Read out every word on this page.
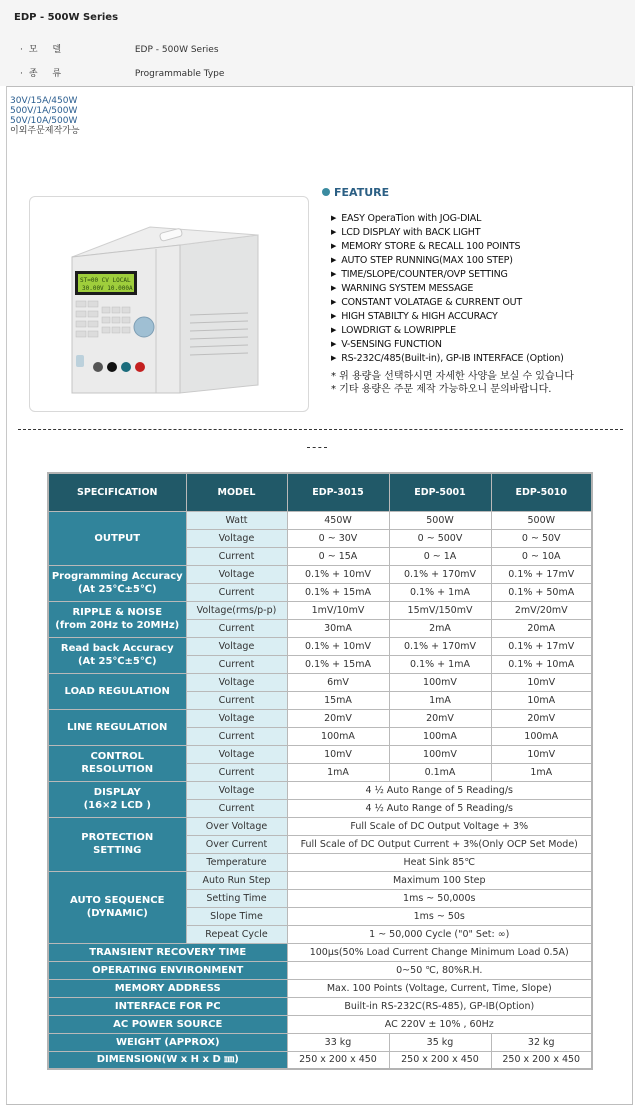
EDP - 500W Series
·모 델	EDP - 500W Series
·종 류	Programmable Type
30V/15A/450W
500V/1A/500W
50V/10A/500W
이외주문제작가능
ST=00 CV LOCAL
30.00V 10.000A
FEATURE
▶ EASY OperaTion with JOG-DIAL
▶ LCD DISPLAY with BACK LIGHT
▶ MEMORY STORE & RECALL 100 POINTS
▶ AUTO STEP RUNNING(MAX 100 STEP)
▶ TIME/SLOPE/COUNTER/OVP SETTING
▶ WARNING SYSTEM MESSAGE
▶ CONSTANT VOLATAGE & CURRENT OUT
▶ HIGH STABILTY & HIGH ACCURACY
▶ LOWDRIGT & LOWRIPPLE
▶ V-SENSING FUNCTION
▶ RS-232C/485(Built-in), GP-IB INTERFACE (Option)
* 위 용량을 선택하시면 자세한 사양을 보실 수 있습니다
* 기타 용량은 주문 제작 가능하오니 문의바랍니다.
SPECIFICATION	MODEL	EDP-3015	EDP-5001	EDP-5010
OUTPUT	Watt	450W	500W	500W
	Voltage	0 ~ 30V	0 ~ 500V	0 ~ 50V
	Current	0 ~ 15A	0 ~ 1A	0 ~ 10A

Programming Accuracy
(At 25℃±5℃)	Voltage	0.1% + 10mV	0.1% + 170mV	0.1% + 17mV
	Current	0.1% + 15mA	0.1% + 1mA	0.1% + 50mA

RIPPLE & NOISE
(from 20Hz to 20MHz)	Voltage(rms/p-p)	1mV/10mV	15mV/150mV	2mV/20mV
	Current	30mA	2mA	20mA

Read back Accuracy
(At 25℃±5℃)	Voltage	0.1% + 10mV	0.1% + 170mV	0.1% + 17mV
	Current	0.1% + 15mA	0.1% + 1mA	0.1% + 10mA
LOAD REGULATION	Voltage	6mV	100mV	10mV
	Current	15mA	1mA	10mA
LINE REGULATION	Voltage	20mV	20mV	20mV
	Current	100mA	100mA	100mA

CONTROL
RESOLUTION	Voltage	10mV	100mV	10mV
	Current	1mA	0.1mA	1mA

DISPLAY
(16×2 LCD )	Voltage	4 ½ Auto Range of 5 Reading/s		
	Current	4 ½ Auto Range of 5 Reading/s		

PROTECTION
SETTING	Over Voltage	Full Scale of DC Output Voltage + 3%		
	Over Current	Full Scale of DC Output Current + 3%(Only OCP Set Mode)		
	Temperature	Heat Sink 85℃		

AUTO SEQUENCE
(DYNAMIC)	Auto Run Step	Maximum 100 Step		
	Setting Time	1ms ~ 50,000s		
	Slope Time	1ms ~ 50s		
	Repeat Cycle	1 ~ 50,000 Cycle ("0" Set: ∞)		
TRANSIENT RECOVERY TIME		100μs(50% Load Current Change Minimum Load 0.5A)		
OPERATING ENVIRONMENT		0~50 ℃, 80%R.H.		
MEMORY ADDRESS		Max. 100 Points (Voltage, Current, Time, Slope)		
INTERFACE FOR PC		Built-in RS-232C(RS-485), GP-IB(Option)		
AC POWER SOURCE		AC 220V ± 10% , 60Hz		
WEIGHT (APPROX)		33 kg	35 kg	32 kg
DIMENSION(W x H x D ㎜)		250 x 200 x 450	250 x 200 x 450	250 x 200 x 450
